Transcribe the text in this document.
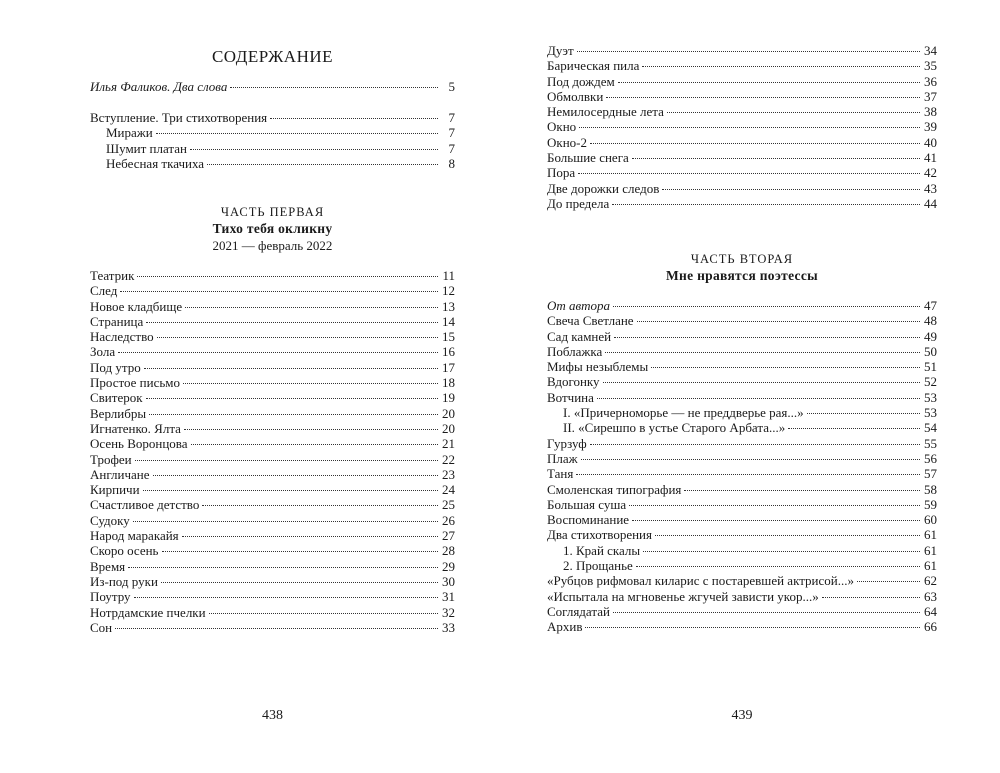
СОДЕРЖАНИЕ
Илья Фаликов. Два слова	5
Вступление. Три стихотворения	7
Миражи	7
Шумит платан	7
Небесная ткачиха	8
ЧАСТЬ ПЕРВАЯ
Тихо тебя окликну
2021 — февраль 2022
Театрик	11
След	12
Новое кладбище	13
Страница	14
Наследство	15
Зола	16
Под утро	17
Простое письмо	18
Свитерок	19
Верлибры	20
Игнатенко. Ялта	20
Осень Воронцова	21
Трофеи	22
Англичане	23
Кирпичи	24
Счастливое детство	25
Судоку	26
Народ маракайя	27
Скоро осень	28
Время	29
Из-под руки	30
Поутру	31
Нотрдамские пчелки	32
Сон	33
438
Дуэт	34
Барическая пила	35
Под дождем	36
Обмолвки	37
Немилосердные лета	38
Окно	39
Окно-2	40
Большие снега	41
Пора	42
Две дорожки следов	43
До предела	44
ЧАСТЬ ВТОРАЯ
Мне нравятся поэтессы
От автора	47
Свеча Светлане	48
Сад камней	49
Поблажка	50
Мифы незыблемы	51
Вдогонку	52
Вотчина	53
I. «Причерноморье — не преддверье рая...»	53
II. «Сирешпо в устье Старого Арбата...»	54
Гурзуф	55
Плаж	56
Таня	57
Смоленская типография	58
Большая суша	59
Воспоминание	60
Два стихотворения	61
1. Край скалы	61
2. Прощанье	61
«Рубцов рифмовал киларис с постаревшей актрисой...»	62
«Испытала на мгновенье жгучей зависти укор...»	63
Соглядатай	64
Архив	66
439
